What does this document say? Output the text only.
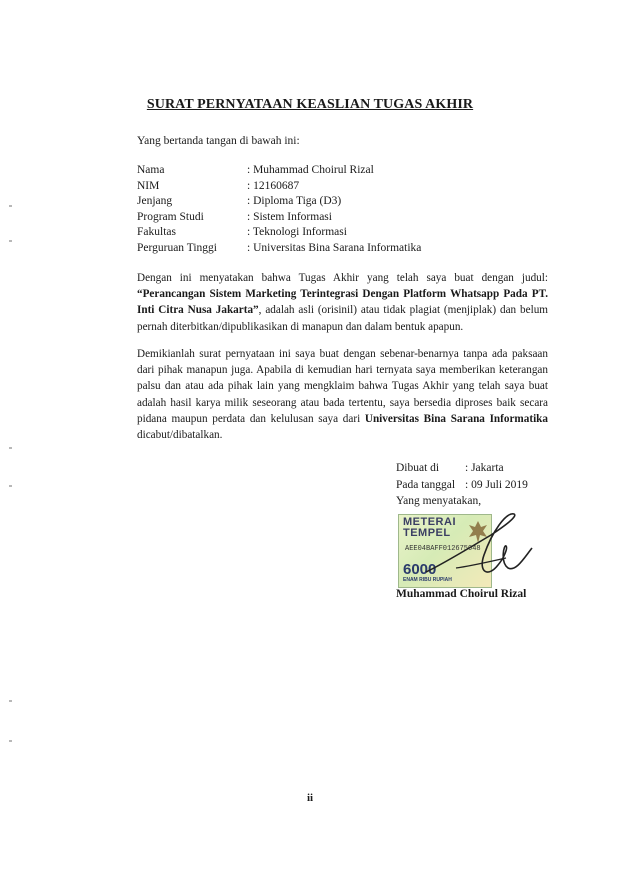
SURAT PERNYATAAN KEASLIAN TUGAS AKHIR
Yang bertanda tangan di bawah ini:
Nama	: Muhammad Choirul Rizal
NIM	: 12160687
Jenjang	: Diploma Tiga (D3)
Program Studi	: Sistem Informasi
Fakultas	: Teknologi Informasi
Perguruan Tinggi	: Universitas Bina Sarana Informatika
Dengan ini menyatakan bahwa Tugas Akhir yang telah saya buat dengan judul: “Perancangan Sistem Marketing Terintegrasi Dengan Platform Whatsapp Pada PT. Inti Citra Nusa Jakarta”, adalah asli (orisinil) atau tidak plagiat (menjiplak) dan belum pernah diterbitkan/dipublikasikan di manapun dan dalam bentuk apapun.
Demikianlah surat pernyataan ini saya buat dengan sebenar-benarnya tanpa ada paksaan dari pihak manapun juga. Apabila di kemudian hari ternyata saya memberikan keterangan palsu dan atau ada pihak lain yang mengklaim bahwa Tugas Akhir yang telah saya buat adalah hasil karya milik seseorang atau bada tertentu, saya bersedia diproses baik secara pidana maupun perdata dan kelulusan saya dari Universitas Bina Sarana Informatika dicabut/dibatalkan.
Dibuat di	: Jakarta
Pada tanggal : 09 Juli 2019
Yang menyatakan,
METERAI
TEMPEL
AEE04BAFF012675048
6000
ENAM RIBU RUPIAH
Muhammad Choirul Rizal
ii
